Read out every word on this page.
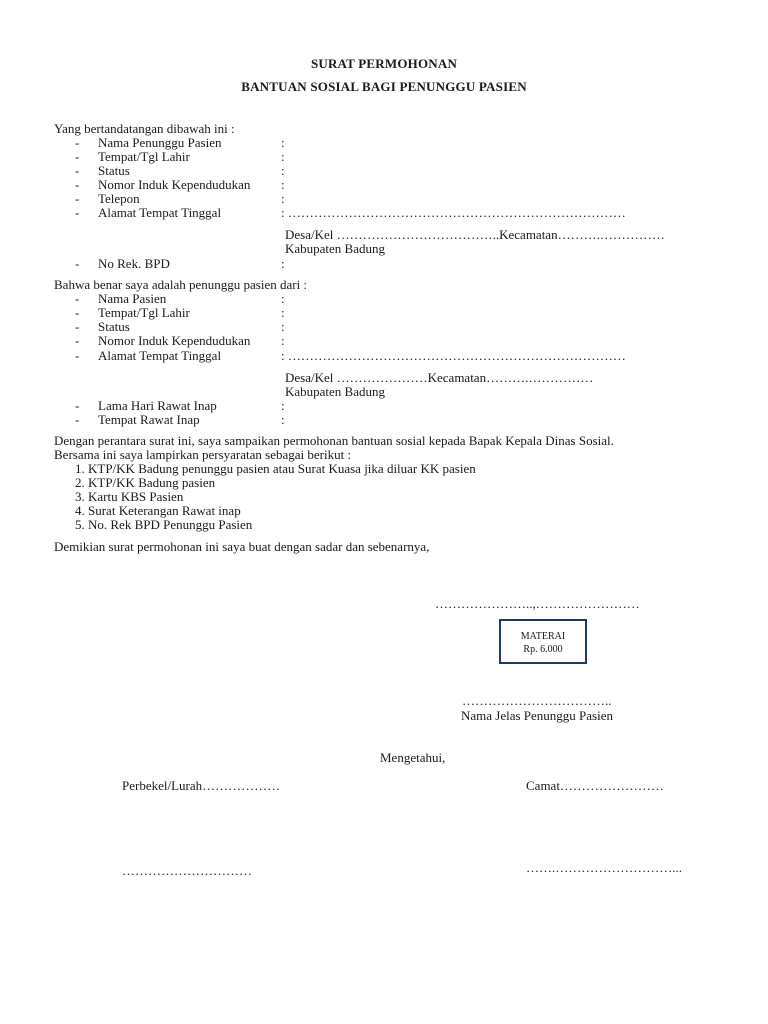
SURAT PERMOHONAN
BANTUAN SOSIAL BAGI PENUNGGU PASIEN
Yang bertandatangan dibawah ini :
- Nama Penunggu Pasien	:
- Tempat/Tgl Lahir	:
- Status	:
- Nomor Induk Kependudukan :
- Telepon	:
- Alamat Tempat Tinggal	: ……………………………………………………………………
Desa/Kel ………………………………..Kecamatan……….……………
Kabupaten Badung
- No Rek. BPD	:
Bahwa benar saya adalah penunggu pasien dari :
- Nama Pasien	:
- Tempat/Tgl Lahir	:
- Status	:
- Nomor Induk Kependudukan :
- Alamat Tempat Tinggal	: ……………………………………………………………………
Desa/Kel …………………Kecamatan……….……………
Kabupaten Badung
- Lama Hari Rawat Inap	:
- Tempat Rawat Inap	:
Dengan perantara surat ini, saya sampaikan permohonan bantuan sosial kepada Bapak Kepala Dinas Sosial.
Bersama ini saya lampirkan persyaratan sebagai berikut :
1. KTP/KK Badung penunggu pasien atau Surat Kuasa jika diluar KK pasien
2. KTP/KK Badung pasien
3. Kartu KBS Pasien
4. Surat Keterangan Rawat inap
5. No. Rek BPD Penunggu Pasien
Demikian surat permohonan ini saya buat dengan sadar dan sebenarnya,
…………………..,……………………
MATERAI
Rp. 6.000
……………………………..
Nama Jelas Penunggu Pasien
Mengetahui,
Perbekel/Lurah………………	Camat……………………
…………………………	…….………………………...
